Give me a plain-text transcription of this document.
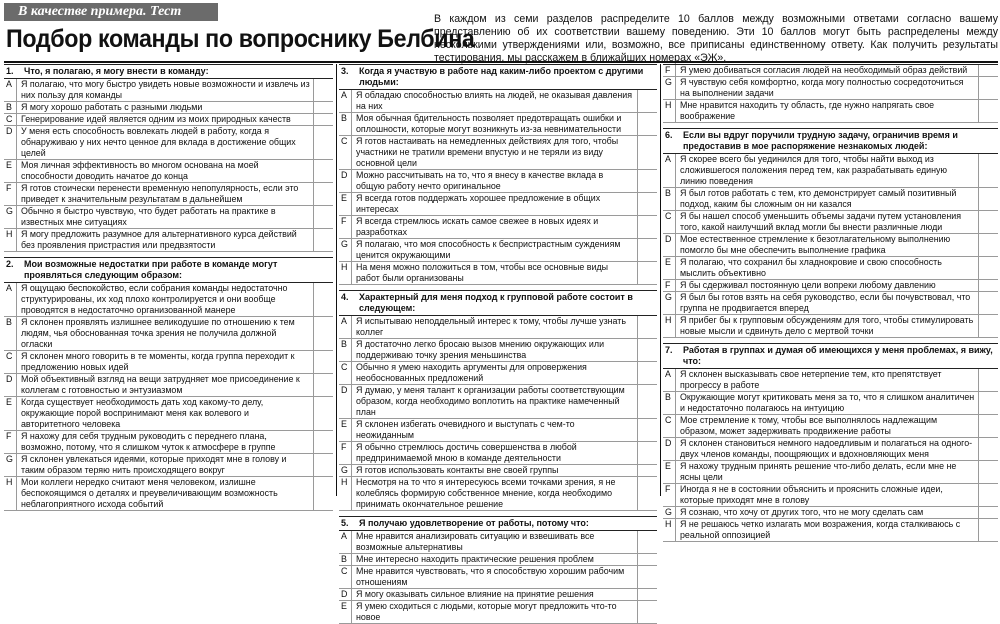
В качестве примера. Тест
Подбор команды по вопроснику Белбина
В каждом из семи разделов распределите 10 баллов между возможными ответами согласно вашему представлению об их соответствии вашему поведению. Эти 10 баллов могут быть распределены между несколькими утверждениями или, возможно, все приписаны единственному ответу. Как получить результаты тестирования, мы расскажем в ближайших номерах «ЭЖ».
1.	Что, я полагаю, я могу внести в команду:
A	Я полагаю, что могу быстро увидеть новые возможности и извлечь из них пользу для команды
B	Я могу хорошо работать с разными людьми
C Генерирование идей является одним из моих природных качеств
D У меня есть способность вовлекать людей в работу, когда я обнаруживаю у них нечто ценное для вклада в достижение общих целей
E	Моя личная эффективность во многом основана на моей способности доводить начатое до конца
F	Я готов стоически перенести временную непопулярность, если это приведет к значительным результатам в дальнейшем
G Обычно я быстро чувствую, что будет работать на практике в известных мне ситуациях
H Я могу предложить разумное для альтернативного курса действий без проявления пристрастия или предвзятости
2.	Мои возможные недостатки при работе в команде могут проявляться следующим образом:
A	Я ощущаю беспокойство, если собрания команды недостаточно структурированы, их ход плохо контролируется и они вообще проводятся в недостаточно организованной манере
B	Я склонен проявлять излишнее великодушие по отношению к тем людям, чья обоснованная точка зрения не получила должной огласки
C Я склонен много говорить в те моменты, когда группа переходит к предложению новых идей
D Мой объективный взгляд на вещи затрудняет мое присоединение к коллегам с готовностью и энтузиазмом
E	Когда существует необходимость дать ход какому-то делу, окружающие порой воспринимают меня как волевого и авторитетного человека
F	Я нахожу для себя трудным руководить с переднего плана, возможно, потому, что я слишком чуток к атмосфере в группе
G Я склонен увлекаться идеями, которые приходят мне в голову и таким образом теряю нить происходящего вокруг
H Мои коллеги нередко считают меня человеком, излишне беспокоящимся о деталях и преувеличивающим возможность неблагоприятного исхода событий
3.	Когда я участвую в работе над каким-либо проектом с другими людьми:
A	Я обладаю способностью влиять на людей, не оказывая давления на них
B	Моя обычная бдительность позволяет предотвращать ошибки и оплошности, которые могут возникнуть из-за невнимательности
C Я готов настаивать на немедленных действиях для того, чтобы участники не тратили времени впустую и не теряли из виду основной цели
D Можно рассчитывать на то, что я внесу в качестве вклада в общую работу нечто оригинальное
E	Я всегда готов поддержать хорошее предложение в общих интересах
F	Я всегда стремлюсь искать самое свежее в новых идеях и разработках
G Я полагаю, что моя способность к беспристрастным суждениям ценится окружающими
H На меня можно положиться в том, чтобы все основные виды работ были организованы
4.	Характерный для меня подход к групповой работе состоит в следующем:
A	Я испытываю неподдельный интерес к тому, чтобы лучше узнать коллег
B	Я достаточно легко бросаю вызов мнению окружающих или поддерживаю точку зрения меньшинства
C Обычно я умею находить аргументы для опровержения необоснованных предложений
D Я думаю, у меня талант к организации работы соответствующим образом, когда необходимо воплотить на практике намеченный план
E	Я склонен избегать очевидного и выступать с чем-то неожиданным
F	Я обычно стремлюсь достичь совершенства в любой предпринимаемой мною в команде деятельности
G Я готов использовать контакты вне своей группы
H Несмотря на то что я интересуюсь всеми точками зрения, я не колеблясь формирую собственное мнение, когда необходимо принимать окончательное решение
5.	Я получаю удовлетворение от работы, потому что:
A	Мне нравится анализировать ситуацию и взвешивать все возможные альтернативы
B	Мне интересно находить практические решения проблем
C Мне нравится чувствовать, что я способствую хорошим рабочим отношениям
D Я могу оказывать сильное влияние на принятие решения
E	Я умею сходиться с людьми, которые могут предложить что-то новое
F	Я умею добиваться согласия людей на необходимый образ действий
G Я чувствую себя комфортно, когда могу полностью сосредоточиться на выполнении задачи
H Мне нравится находить ту область, где нужно напрягать свое воображение
6.	Если вы вдруг поручили трудную задачу, ограничив время и предоставив в мое распоряжение незнакомых людей:
A	Я скорее всего бы уединился для того, чтобы найти выход из сложившегося положения перед тем, как разрабатывать единую линию поведения
B	Я был готов работать с тем, кто демонстрирует самый позитивный подход, каким бы сложным он ни казался
C Я бы нашел способ уменьшить объемы задачи путем установления того, какой наилучший вклад могли бы внести различные люди
D Мое естественное стремление к безотлагательному выполнению помогло бы мне обеспечить выполнение графика
E	Я полагаю, что сохранил бы хладнокровие и свою способность мыслить объективно
F	Я бы сдерживал постоянную цели вопреки любому давлению
G Я был бы готов взять на себя руководство, если бы почувствовал, что группа не продвигается вперед
H Я прибег бы к групповым обсуждениям для того, чтобы стимулировать новые мысли и сдвинуть дело с мертвой точки
7.	Работая в группах и думая об имеющихся у меня проблемах, я вижу, что:
A	Я склонен высказывать свое нетерпение тем, кто препятствует прогрессу в работе
B	Окружающие могут критиковать меня за то, что я слишком аналитичен и недостаточно полагаюсь на интуицию
C Мое стремление к тому, чтобы все выполнялось надлежащим образом, может задерживать продвижение работы
D Я склонен становиться немного надоедливым и полагаться на одного-двух членов команды, поощряющих и вдохновляющих меня
E	Я нахожу трудным принять решение что-либо делать, если мне не ясны цели
F	Иногда я не в состоянии объяснить и прояснить сложные идеи, которые приходят мне в голову
G Я сознаю, что хочу от других того, что не могу сделать сам
H Я не решаюсь четко излагать мои возражения, когда сталкиваюсь с реальной оппозицией
